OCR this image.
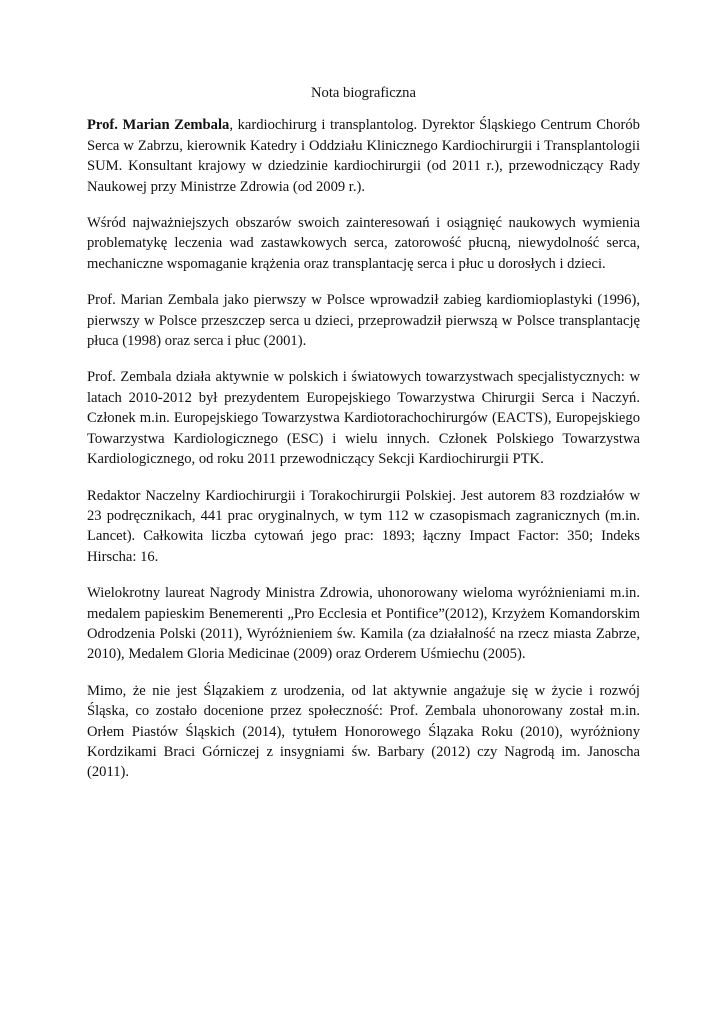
Nota biograficzna

Prof. Marian Zembala, kardiochirurg i transplantolog. Dyrektor Śląskiego Centrum Chorób Serca w Zabrzu, kierownik Katedry i Oddziału Klinicznego Kardiochirurgii i Transplantologii SUM. Konsultant krajowy w dziedzinie kardiochirurgii (od 2011 r.), przewodniczący Rady Naukowej przy Ministrze Zdrowia (od 2009 r.).

Wśród najważniejszych obszarów swoich zainteresowań i osiągnięć naukowych wymienia problematykę leczenia wad zastawkowych serca, zatorowość płucną, niewydolność serca, mechaniczne wspomaganie krążenia oraz transplantację serca i płuc u dorosłych i dzieci.

Prof. Marian Zembala jako pierwszy w Polsce wprowadził zabieg kardiomioplastyki (1996), pierwszy w Polsce przeszczep serca u dzieci, przeprowadził pierwszą w Polsce transplantację płuca (1998) oraz serca i płuc (2001).

Prof. Zembala działa aktywnie w polskich i światowych towarzystwach specjalistycznych: w latach 2010-2012 był prezydentem Europejskiego Towarzystwa Chirurgii Serca i Naczyń. Członek m.in. Europejskiego Towarzystwa Kardiotorachochirurgów (EACTS), Europejskiego Towarzystwa Kardiologicznego (ESC) i wielu innych. Członek Polskiego Towarzystwa Kardiologicznego, od roku 2011 przewodniczący Sekcji Kardiochirurgii PTK.

Redaktor Naczelny Kardiochirurgii i Torakochirurgii Polskiej. Jest autorem 83 rozdziałów w 23 podręcznikach, 441 prac oryginalnych, w tym 112 w czasopismach zagranicznych (m.in. Lancet). Całkowita liczba cytowań jego prac: 1893; łączny Impact Factor: 350; Indeks Hirscha: 16.

Wielokrotny laureat Nagrody Ministra Zdrowia, uhonorowany wieloma wyróżnieniami m.in. medalem papieskim Benemerenti „Pro Ecclesia et Pontifice”(2012), Krzyżem Komandorskim Odrodzenia Polski (2011), Wyróżnieniem św. Kamila (za działalność na rzecz miasta Zabrze, 2010), Medalem Gloria Medicinae (2009) oraz Orderem Uśmiechu (2005).

Mimo, że nie jest Ślązakiem z urodzenia, od lat aktywnie angażuje się w życie i rozwój Śląska, co zostało docenione przez społeczność: Prof. Zembala uhonorowany został m.in. Orłem Piastów Śląskich (2014), tytułem Honorowego Ślązaka Roku (2010), wyróżniony Kordzikami Braci Górniczej z insygniami św. Barbary (2012) czy Nagrodą im. Janoscha (2011).
